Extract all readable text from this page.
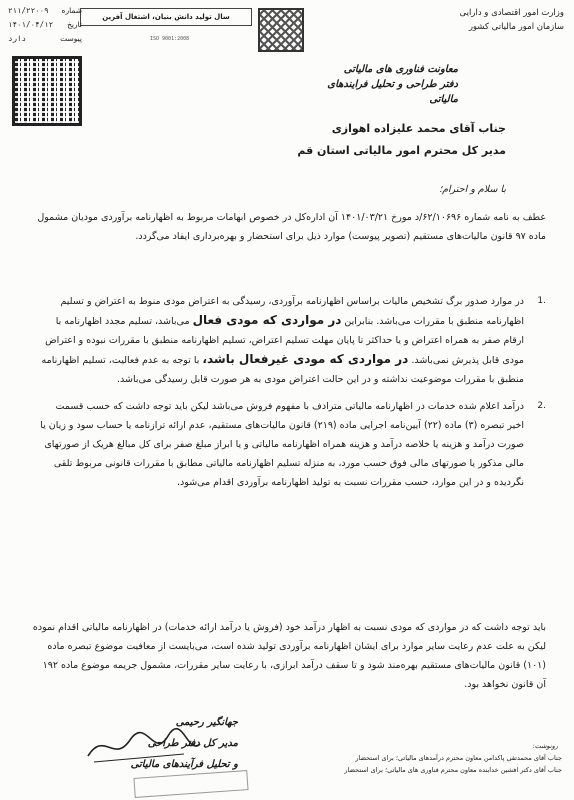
وزارت امور اقتصادی و دارایی
سازمان امور مالیاتی کشور
سال تولید دانش بنیان، اشتغال آفرین
ISO 9001:2008
شماره
۲۱۱/۲۲۰۰۹
تاریخ
۱۴۰۱/۰۴/۱۲
پیوست
دارد
معاونت فناوری های مالیاتی
دفتر طراحی و تحلیل فرایندهای مالیاتی
جناب آقای محمد علیزاده اهوازی
مدیر کل محترم امور مالیاتی استان قم
با سلام و احترام؛
عطف به نامه شماره ۶۲/۱۰۶۹۶/د مورخ ۱۴۰۱/۰۳/۲۱ آن اداره‌کل در خصوص ابهامات مربوط به اظهارنامه برآوردی مودیان مشمول ماده ۹۷ قانون مالیات‌های مستقیم (تصویر پیوست) موارد ذیل برای استحضار و بهره‌برداری ایفاد می‌گردد.
.1
در موارد صدور برگ تشخیص مالیات براساس اظهارنامه برآوردی، رسیدگی به اعتراض مودی منوط به اعتراض و تسلیم اظهارنامه منطبق با مقررات می‌باشد. بنابراین در مواردی که مودی فعال می‌باشد، تسلیم مجدد اظهارنامه با ارقام صفر به همراه اعتراض و یا حداکثر تا پایان مهلت تسلیم اعتراض، تسلیم اظهارنامه منطبق با مقررات نبوده و اعتراض مودی قابل پذیرش نمی‌باشد. در مواردی که مودی غیرفعال باشد، با توجه به عدم فعالیت، تسلیم اظهارنامه منطبق با مقررات موضوعیت نداشته و در این حالت اعتراض مودی به هر صورت قابل رسیدگی می‌باشد.
.2
درآمد اعلام شده خدمات در اظهارنامه مالیاتی مترادف با مفهوم فروش می‌باشد لیکن باید توجه داشت که حسب قسمت اخیر تبصره (۳) ماده (۲۲) آیین‌نامه اجرایی ماده (۲۱۹) قانون مالیات‌های مستقیم، عدم ارائه ترازنامه یا حساب سود و زیان یا صورت درآمد و هزینه یا خلاصه درآمد و هزینه همراه اظهارنامه مالیاتی و یا ابراز مبلغ صفر برای کل مبالغ هریک از صورتهای مالی مذکور یا صورتهای مالی فوق حسب مورد، به منزله تسلیم اظهارنامه مالیاتی مطابق با مقررات قانونی مربوط تلقی نگردیده و در این موارد، حسب مقررات نسبت به تولید اظهارنامه برآوردی اقدام می‌شود.
باید توجه داشت که در مواردی که مودی نسبت به اظهار درآمد خود (فروش یا درآمد ارائه خدمات) در اظهارنامه مالیاتی اقدام نموده لیکن به علت عدم رعایت سایر موارد برای ایشان اظهارنامه برآوردی تولید شده است، می‌بایست از معافیت موضوع تبصره ماده (۱۰۱) قانون مالیات‌های مستقیم بهره‌مند شود و تا سقف درآمد ابرازی، با رعایت سایر مقررات، مشمول جریمه موضوع ماده ۱۹۲ آن قانون نخواهد بود.
جهانگیر رحیمی
مدیر کل دفتر طراحی
و تحلیل فرآیندهای مالیاتی
رونوشت:
جناب آقای محمدتقی پاکدامن معاون محترم درآمدهای مالیاتی؛ برای استحضار
جناب آقای دکتر افشین خدابنده معاون محترم فناوری های مالیاتی؛ برای استحضار
